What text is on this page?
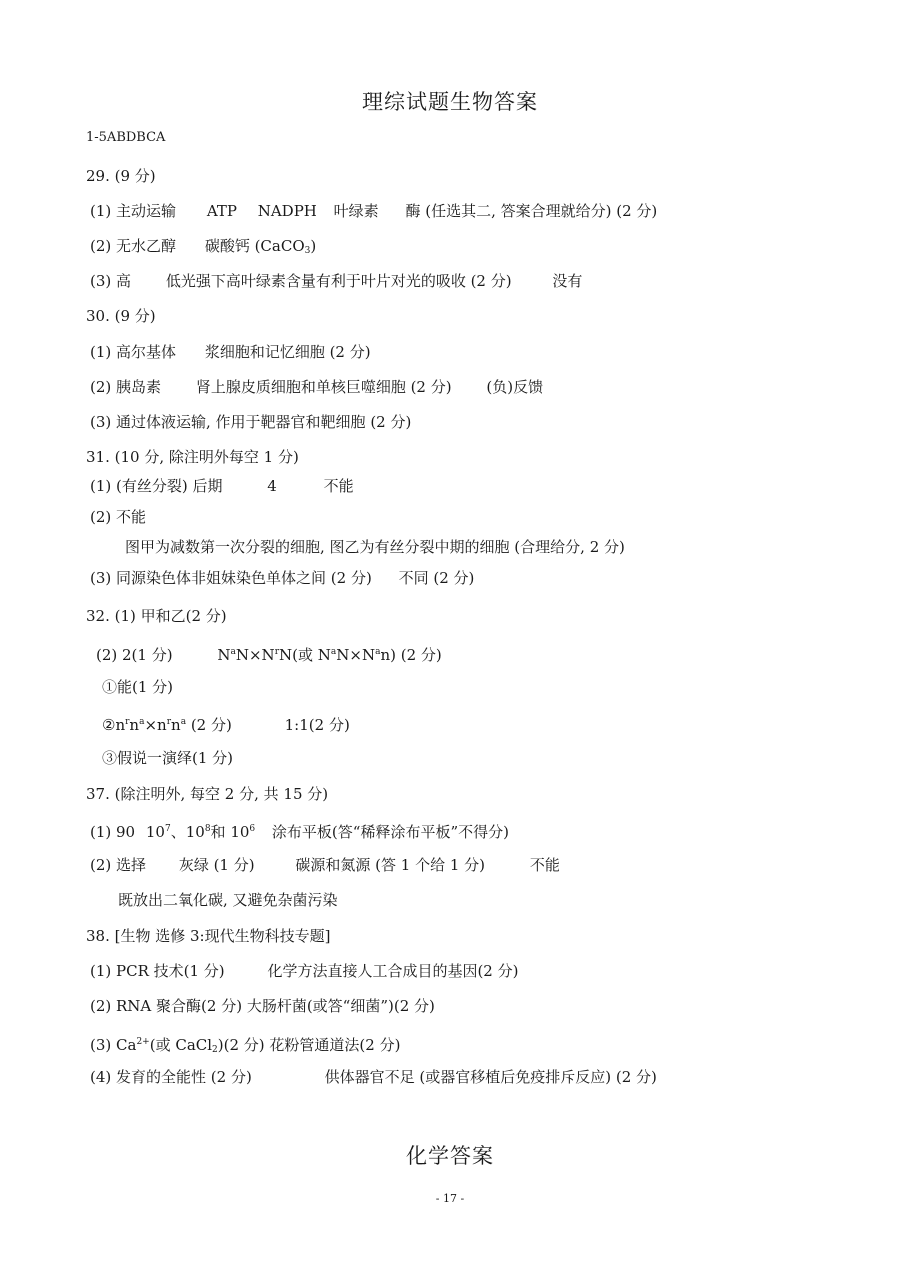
理综试题生物答案
1-5ABDBCA
29. (9 分)
(1) 主动运输 ATP NADPH 叶绿素 酶 (任选其二, 答案合理就给分) (2 分)
(2) 无水乙醇 碳酸钙 (CaCO$_3$)
(3) 高 低光强下高叶绿素含量有利于叶片对光的吸收 (2 分)	没有
30. (9 分)
(1) 高尔基体 浆细胞和记忆细胞 (2 分)
(2) 胰岛素 肾上腺皮质细胞和单核巨噬细胞 (2 分) (负)反馈
(3) 通过体液运输, 作用于靶器官和靶细胞 (2 分)
31. (10 分, 除注明外每空 1 分)
(1) (有丝分裂) 后期	4	不能
(2) 不能
图甲为减数第一次分裂的细胞, 图乙为有丝分裂中期的细胞 (合理给分, 2 分)
(3) 同源染色体非姐妹染色单体之间 (2 分) 不同 (2 分)
32. (1) 甲和乙(2 分)
(2) 2(1 分)	$N^aN\times N^rN$(或 $N^aN\times N^an$) (2 分)
①能(1 分)
$②n^rn^a\times n^rn^a$ (2 分)	1:1(2 分)
③假说一演绎(1 分)
37. (除注明外, 每空 2 分, 共 15 分)
(1) 90 $10^7$、$10^8$和 $10^6$ 涂布平板(答“稀释涂布平板”不得分)
(2) 选择 灰绿 (1 分)	碳源和氮源 (答 1 个给 1 分)	不能
既放出二氧化碳, 又避免杂菌污染
38. [生物 选修 3:现代生物科技专题]
(1) PCR 技术(1 分)	化学方法直接人工合成目的基因(2 分)
(2) RNA 聚合酶(2 分) 大肠杆菌(或答“细菌”)(2 分)
(3) $Ca^{2+}$(或 CaCl$_2$)(2 分) 花粉管通道法(2 分)
(4) 发育的全能性 (2 分)	供体器官不足 (或器官移植后免疫排斥反应) (2 分)
化学答案
- 17 -
